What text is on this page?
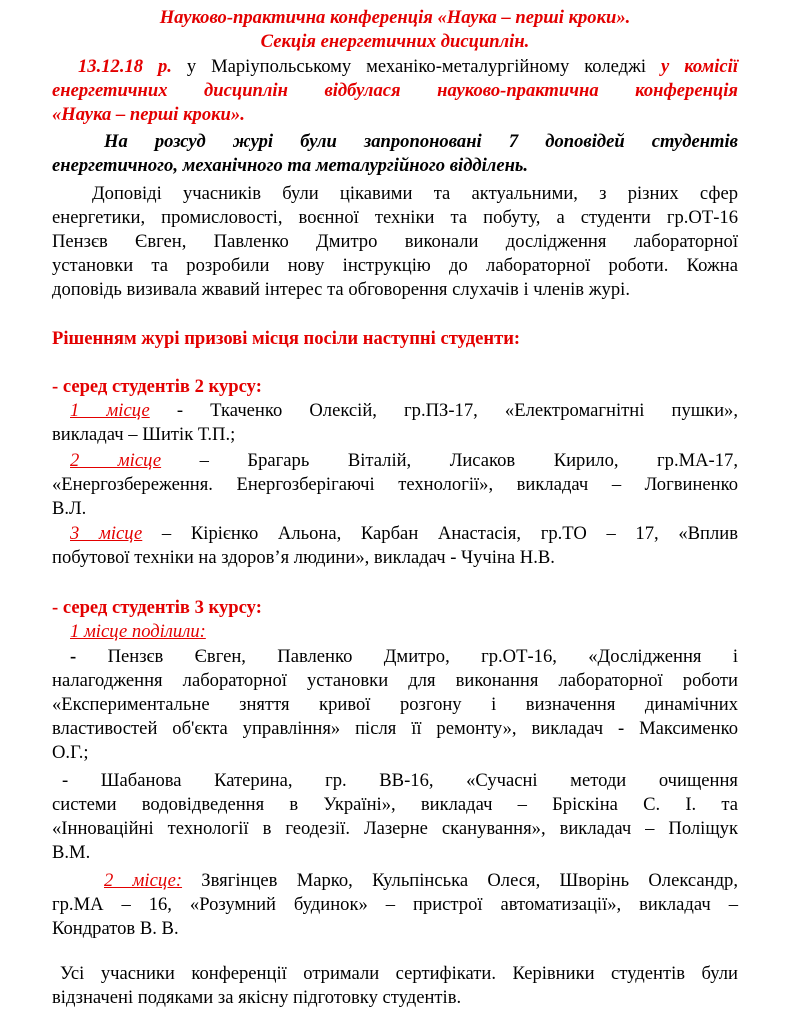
Науково-практична конференція «Наука – перші кроки».
Секція енергетичних дисциплін.
13.12.18 р. у Маріупольському механіко-металургійному коледжі у комісії
енергетичних дисциплін відбулася науково-практична конференція
«Наука – перші кроки».
На розсуд журі були запропоновані 7 доповідей студентів
енергетичного, механічного та металургійного відділень.
Доповіді учасників були цікавими та актуальними, з різних сфер
енергетики, промисловості, воєнної техніки та побуту, а студенти гр.ОТ-16
Пензєв Євген, Павленко Дмитро виконали дослідження лабораторної
установки та розробили нову інструкцію до лабораторної роботи. Кожна
доповідь визивала жвавий інтерес та обговорення слухачів і членів журі.
Рішенням журі призові місця посіли наступні студенти:
- серед студентів 2 курсу:
1 місце - Ткаченко Олексій, гр.ПЗ-17, «Електромагнітні пушки»,
викладач – Шитік Т.П.;
2 місце – Брагарь Віталій, Лисаков Кирило, гр.МА-17,
«Енергозбереження. Енергозберігаючі технології», викладач – Логвиненко
В.Л.
3 місце – Кірієнко Альона, Карбан Анастасія, гр.ТО – 17, «Вплив
побутової техніки на здоров’я людини», викладач - Чучіна Н.В.
- серед студентів 3 курсу:
1 місце поділили:
- Пензєв Євген, Павленко Дмитро, гр.ОТ-16, «Дослідження і
налагодження лабораторної установки для виконання лабораторної роботи
«Експериментальне зняття кривої розгону і визначення динамічних
властивостей об'єкта управління» після її ремонту», викладач - Максименко
О.Г.;
- Шабанова Катерина, гр. ВВ-16, «Сучасні методи очищення
системи водовідведення в Україні», викладач – Бріскіна С. І. та
«Інноваційні технології в геодезії. Лазерне сканування», викладач – Поліщук
В.М.
2 місце: Звягінцев Марко, Кульпінська Олеся, Шворінь Олександр,
гр.МА – 16, «Розумний будинок» – пристрої автоматизації», викладач –
Кондратов В. В.
Усі учасники конференції отримали сертифікати. Керівники студентів були
відзначені подяками за якісну підготовку студентів.
